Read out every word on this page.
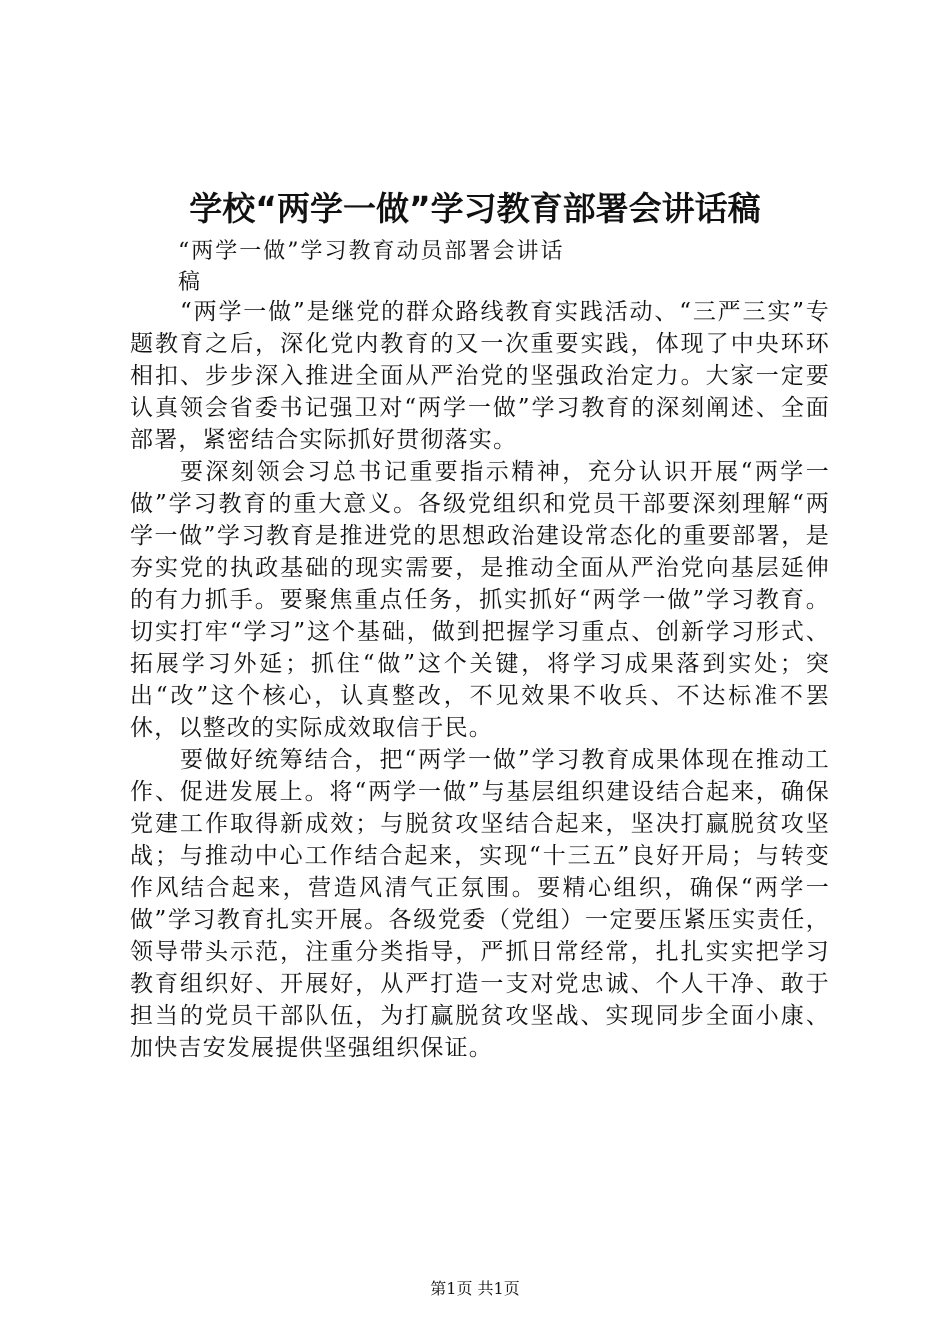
学校“两学一做”学习教育部署会讲话稿
“两学一做”学习教育动员部署会讲话
稿

“两学一做”是继党的群众路线教育实践活动、“三严三实”专题教育之后，深化党内教育的又一次重要实践，体现了中央环环相扣、步步深入推进全面从严治党的坚强政治定力。大家一定要认真领会省委书记强卫对“两学一做”学习教育的深刻阐述、全面部署，紧密结合实际抓好贯彻落实。

要深刻领会习总书记重要指示精神，充分认识开展“两学一做”学习教育的重大意义。各级党组织和党员干部要深刻理解“两学一做”学习教育是推进党的思想政治建设常态化的重要部署，是夯实党的执政基础的现实需要，是推动全面从严治党向基层延伸的有力抓手。要聚焦重点任务，抓实抓好“两学一做”学习教育。切实打牢“学习”这个基础，做到把握学习重点、创新学习形式、拓展学习外延；抓住“做”这个关键，将学习成果落到实处；突出“改”这个核心，认真整改，不见效果不收兵、不达标准不罢休，以整改的实际成效取信于民。

要做好统筹结合，把“两学一做”学习教育成果体现在推动工作、促进发展上。将“两学一做”与基层组织建设结合起来，确保党建工作取得新成效；与脱贫攻坚结合起来，坚决打赢脱贫攻坚战；与推动中心工作结合起来，实现“十三五”良好开局；与转变作风结合起来，营造风清气正氛围。要精心组织，确保“两学一做”学习教育扎实开展。各级党委（党组）一定要压紧压实责任，领导带头示范，注重分类指导，严抓日常经常，扎扎实实把学习教育组织好、开展好，从严打造一支对党忠诚、个人干净、敢于担当的党员干部队伍，为打赢脱贫攻坚战、实现同步全面小康、加快吉安发展提供坚强组织保证。

第1页 共1页
